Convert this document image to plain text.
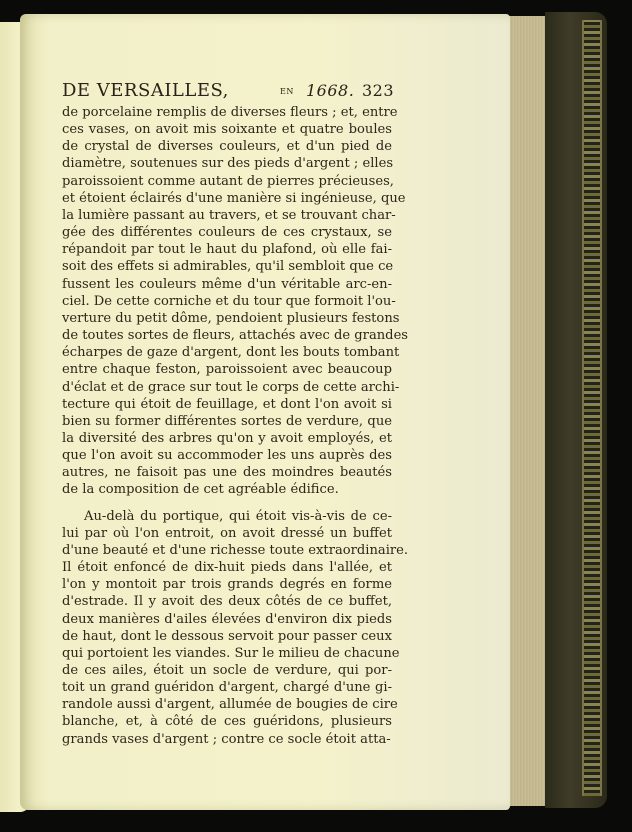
DE VERSAILLES,	en 1668. 323
de porcelaine remplis de diverses fleurs ; et, entre
ces vases, on avoit mis soixante et quatre boules
de crystal de diverses couleurs, et d'un pied de
diamètre, soutenues sur des pieds d'argent ; elles
paroissoient comme autant de pierres précieuses,
et étoient éclairés d'une manière si ingénieuse, que
la lumière passant au travers, et se trouvant char-
gée des différentes couleurs de ces crystaux, se
répandoit par tout le haut du plafond, où elle fai-
soit des effets si admirables, qu'il sembloit que ce
fussent les couleurs même d'un véritable arc-en-
ciel. De cette corniche et du tour que formoit l'ou-
verture du petit dôme, pendoient plusieurs festons
de toutes sortes de fleurs, attachés avec de grandes
écharpes de gaze d'argent, dont les bouts tombant
entre chaque feston, paroissoient avec beaucoup
d'éclat et de grace sur tout le corps de cette archi-
tecture qui étoit de feuillage, et dont l'on avoit si
bien su former différentes sortes de verdure, que
la diversité des arbres qu'on y avoit employés, et
que l'on avoit su accommoder les uns auprès des
autres, ne faisoit pas une des moindres beautés
de la composition de cet agréable édifice.
Au-delà du portique, qui étoit vis-à-vis de ce-
lui par où l'on entroit, on avoit dressé un buffet
d'une beauté et d'une richesse toute extraordinaire.
Il étoit enfoncé de dix-huit pieds dans l'allée, et
l'on y montoit par trois grands degrés en forme
d'estrade. Il y avoit des deux côtés de ce buffet,
deux manières d'ailes élevées d'environ dix pieds
de haut, dont le dessous servoit pour passer ceux
qui portoient les viandes. Sur le milieu de chacune
de ces ailes, étoit un socle de verdure, qui por-
toit un grand guéridon d'argent, chargé d'une gi-
randole aussi d'argent, allumée de bougies de cire
blanche, et, à côté de ces guéridons, plusieurs
grands vases d'argent ; contre ce socle étoit atta-
